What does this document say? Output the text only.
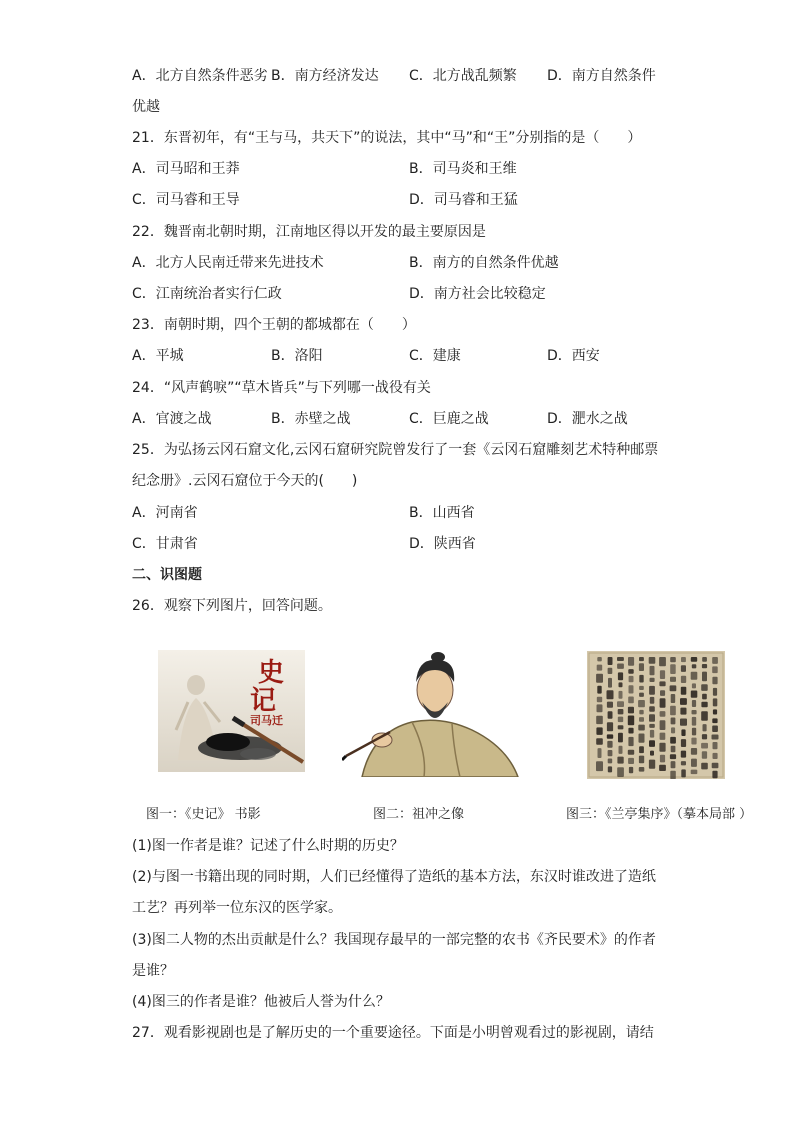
A．北方自然条件恶劣 B．南方经济发达 C．北方战乱频繁 D．南方自然条件
优越
21．东晋初年，有“王与马，共天下”的说法，其中“马”和“王”分别指的是（　　）
A．司马昭和王莽	B．司马炎和王维
C．司马睿和王导	D．司马睿和王猛
22．魏晋南北朝时期，江南地区得以开发的最主要原因是
A．北方人民南迁带来先进技术	B．南方的自然条件优越
C．江南统治者实行仁政	D．南方社会比较稳定
23．南朝时期，四个王朝的都城都在（　　）
A．平城	B．洛阳	C．建康	D．西安
24．“风声鹤唳”“草木皆兵”与下列哪一战役有关
A．官渡之战	B．赤壁之战	C．巨鹿之战	D．淝水之战
25．为弘扬云冈石窟文化,云冈石窟研究院曾发行了一套《云冈石窟雕刻艺术特种邮票
纪念册》.云冈石窟位于今天的(　　)
A．河南省	B．山西省
C．甘肃省	D．陕西省
二、识图题
26．观察下列图片，回答问题。
史
记
司马迁
图一：《史记》 书影	图二：祖冲之像	图三：《兰亭集序》（摹本局部 ）
(1)图一作者是谁？记述了什么时期的历史？
(2)与图一书籍出现的同时期，人们已经懂得了造纸的基本方法，东汉时谁改进了造纸
工艺？再列举一位东汉的医学家。
(3)图二人物的杰出贡献是什么？我国现存最早的一部完整的农书《齐民要术》的作者
是谁？
(4)图三的作者是谁？他被后人誉为什么？
27．观看影视剧也是了解历史的一个重要途径。下面是小明曾观看过的影视剧，请结
